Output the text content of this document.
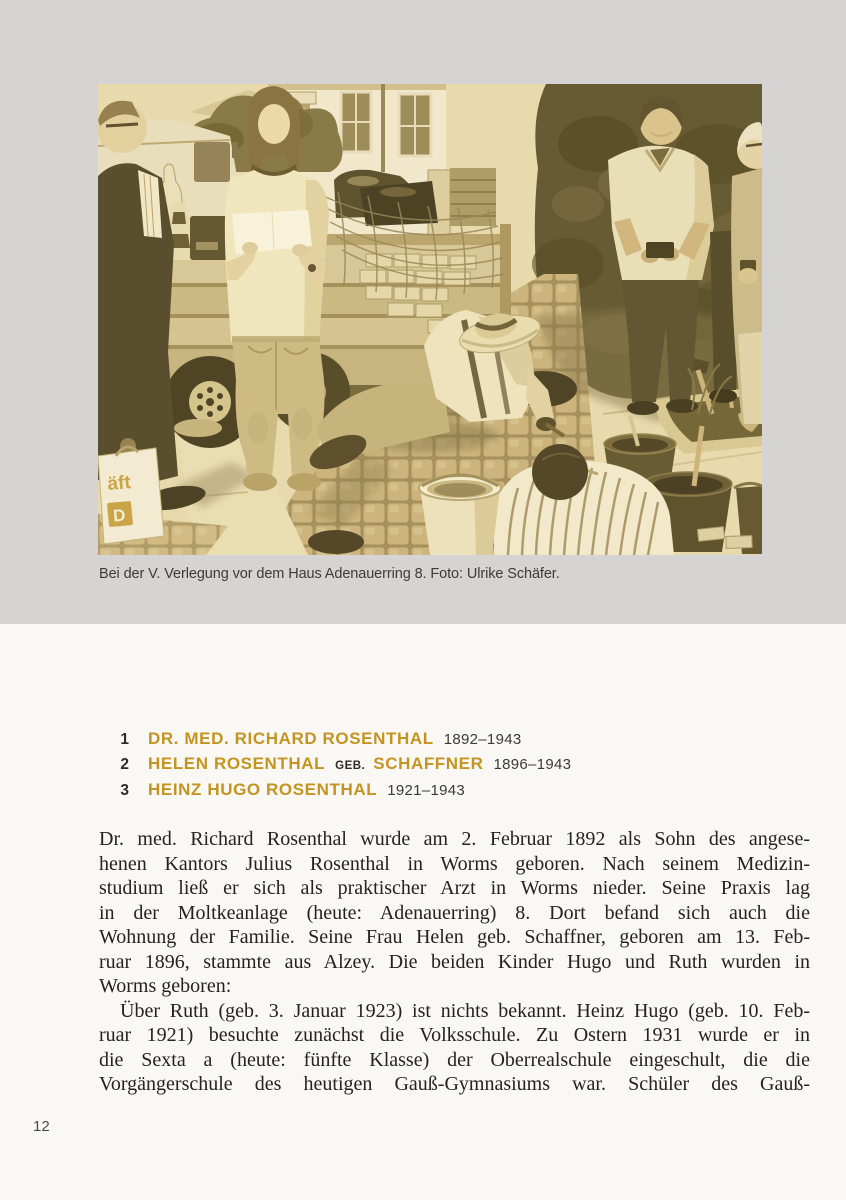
äft
D
Bei der V. Verlegung vor dem Haus Adenauerring 8. Foto: Ulrike Schäfer.
1 DR. MED. RICHARD ROSENTHAL 1892–1943
2 HELEN ROSENTHAL GEB. SCHAFFNER 1896–1943
3 HEINZ HUGO ROSENTHAL 1921–1943
Dr. med. Richard Rosenthal wurde am 2. Februar 1892 als Sohn des angese-
henen Kantors Julius Rosenthal in Worms geboren. Nach seinem Medizin-
studium ließ er sich als praktischer Arzt in Worms nieder. Seine Praxis lag
in der Moltkeanlage (heute: Adenauerring) 8. Dort befand sich auch die
Wohnung der Familie. Seine Frau Helen geb. Schaffner, geboren am 13. Feb-
ruar 1896, stammte aus Alzey. Die beiden Kinder Hugo und Ruth wurden in
Worms geboren:
Über Ruth (geb. 3. Januar 1923) ist nichts bekannt. Heinz Hugo (geb. 10. Feb-
ruar 1921) besuchte zunächst die Volksschule. Zu Ostern 1931 wurde er in
die Sexta a (heute: fünfte Klasse) der Oberrealschule eingeschult, die die
Vorgängerschule des heutigen Gauß-Gymnasiums war. Schüler des Gauß-
12
